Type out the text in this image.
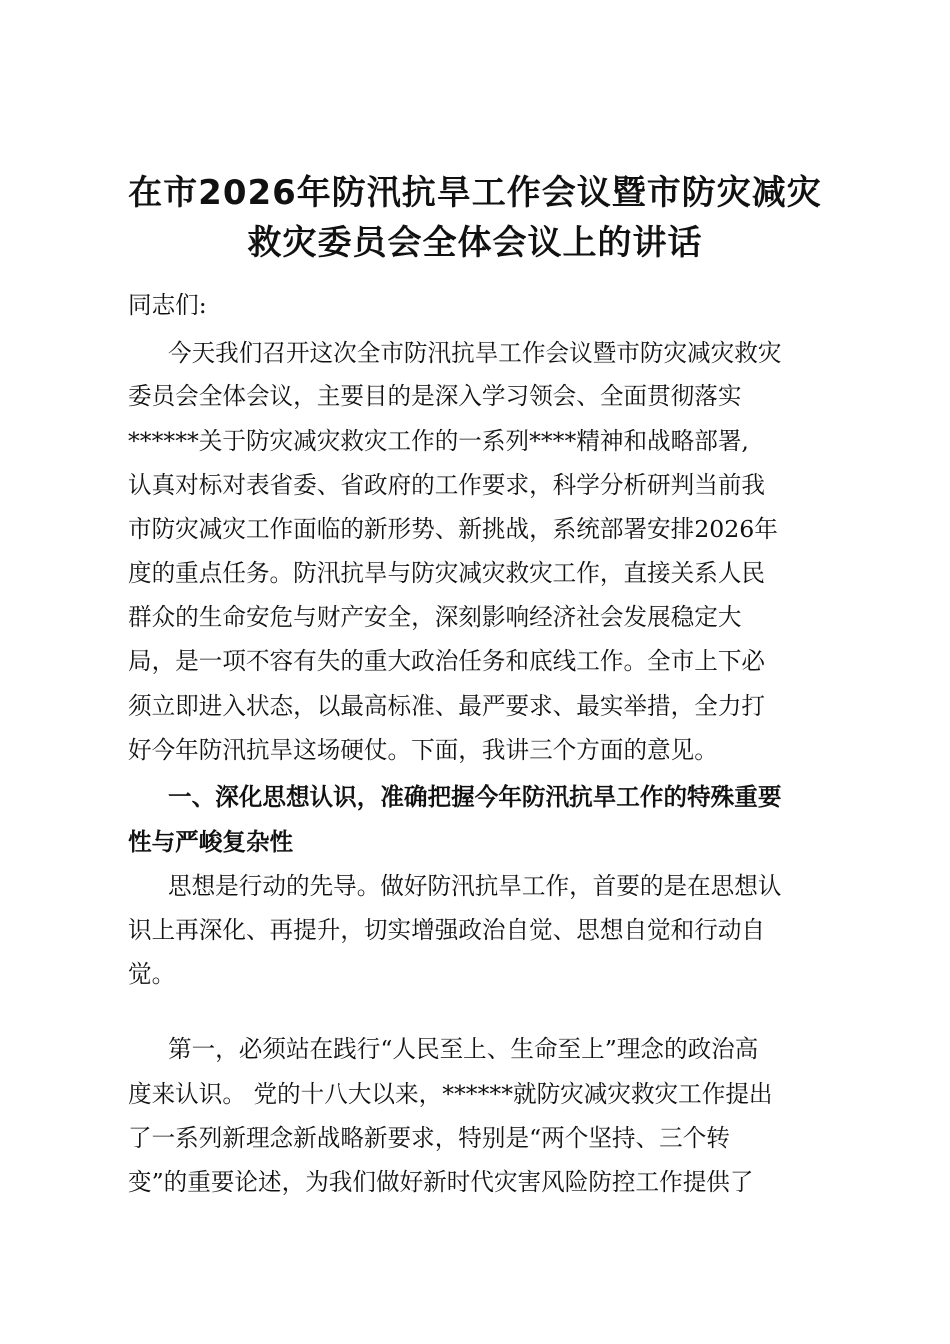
在市2026年防汛抗旱工作会议暨市防灾减灾
救灾委员会全体会议上的讲话
同志们:
今天我们召开这次全市防汛抗旱工作会议暨市防灾减灾救灾
委员会全体会议，主要目的是深入学习领会、全面贯彻落实
******关于防灾减灾救灾工作的一系列****精神和战略部署,
认真对标对表省委、省政府的工作要求，科学分析研判当前我
市防灾减灾工作面临的新形势、新挑战，系统部署安排2026年
度的重点任务。防汛抗旱与防灾减灾救灾工作，直接关系人民
群众的生命安危与财产安全，深刻影响经济社会发展稳定大
局，是一项不容有失的重大政治任务和底线工作。全市上下必
须立即进入状态，以最高标准、最严要求、最实举措，全力打
好今年防汛抗旱这场硬仗。下面，我讲三个方面的意见。
一、深化思想认识，准确把握今年防汛抗旱工作的特殊重要
性与严峻复杂性
思想是行动的先导。做好防汛抗旱工作，首要的是在思想认
识上再深化、再提升，切实增强政治自觉、思想自觉和行动自
觉。
第一，必须站在践行“人民至上、生命至上”理念的政治高
度来认识。 党的十八大以来，******就防灾减灾救灾工作提出
了一系列新理念新战略新要求，特别是“两个坚持、三个转
变”的重要论述，为我们做好新时代灾害风险防控工作提供了
